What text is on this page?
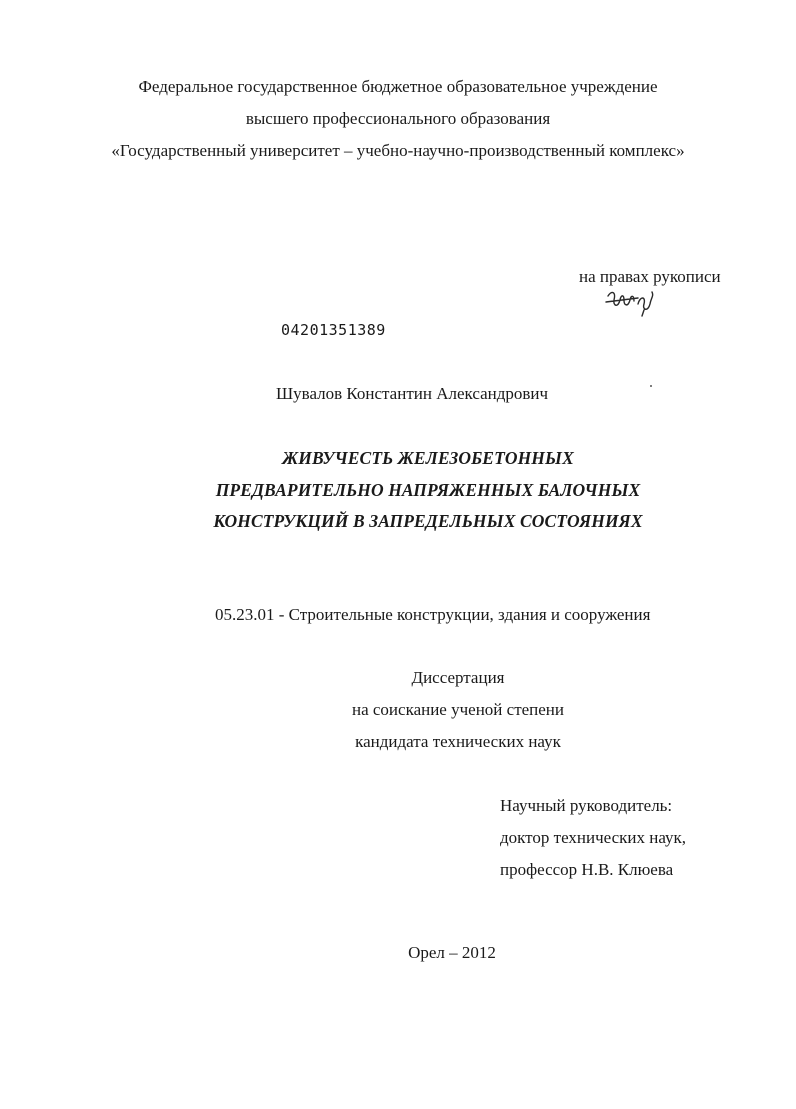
Федеральное государственное бюджетное образовательное учреждение
высшего профессионального образования
«Государственный университет – учебно-научно-производственный комплекс»
на правах рукописи
04201351389
Шувалов Константин Александрович
ЖИВУЧЕСТЬ ЖЕЛЕЗОБЕТОННЫХ
ПРЕДВАРИТЕЛЬНО НАПРЯЖЕННЫХ БАЛОЧНЫХ
КОНСТРУКЦИЙ В ЗАПРЕДЕЛЬНЫХ СОСТОЯНИЯХ
05.23.01 - Строительные конструкции, здания и сооружения
Диссертация
на соискание ученой степени
кандидата технических наук
Научный руководитель:
доктор технических наук,
профессор Н.В. Клюева
Орел – 2012
